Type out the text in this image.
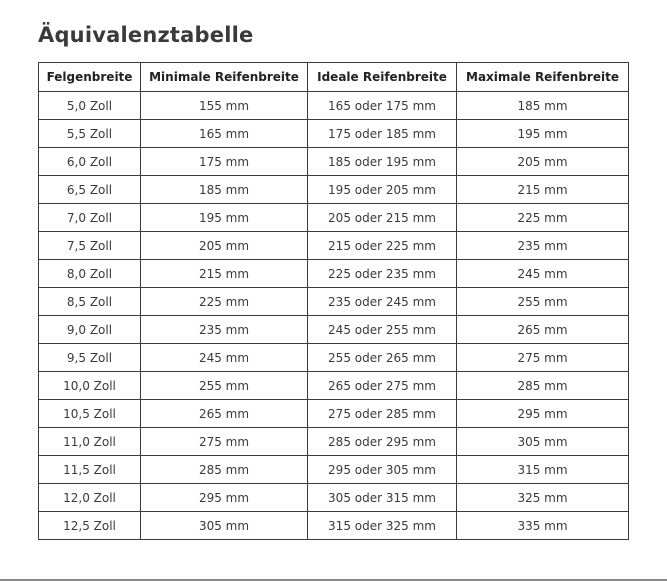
Äquivalenztabelle
Felgenbreite	Minimale Reifenbreite	Ideale Reifenbreite	Maximale Reifenbreite
5,0 Zoll	155 mm	165 oder 175 mm	185 mm
5,5 Zoll	165 mm	175 oder 185 mm	195 mm
6,0 Zoll	175 mm	185 oder 195 mm	205 mm
6,5 Zoll	185 mm	195 oder 205 mm	215 mm
7,0 Zoll	195 mm	205 oder 215 mm	225 mm
7,5 Zoll	205 mm	215 oder 225 mm	235 mm
8,0 Zoll	215 mm	225 oder 235 mm	245 mm
8,5 Zoll	225 mm	235 oder 245 mm	255 mm
9,0 Zoll	235 mm	245 oder 255 mm	265 mm
9,5 Zoll	245 mm	255 oder 265 mm	275 mm
10,0 Zoll	255 mm	265 oder 275 mm	285 mm
10,5 Zoll	265 mm	275 oder 285 mm	295 mm
11,0 Zoll	275 mm	285 oder 295 mm	305 mm
11,5 Zoll	285 mm	295 oder 305 mm	315 mm
12,0 Zoll	295 mm	305 oder 315 mm	325 mm
12,5 Zoll	305 mm	315 oder 325 mm	335 mm
